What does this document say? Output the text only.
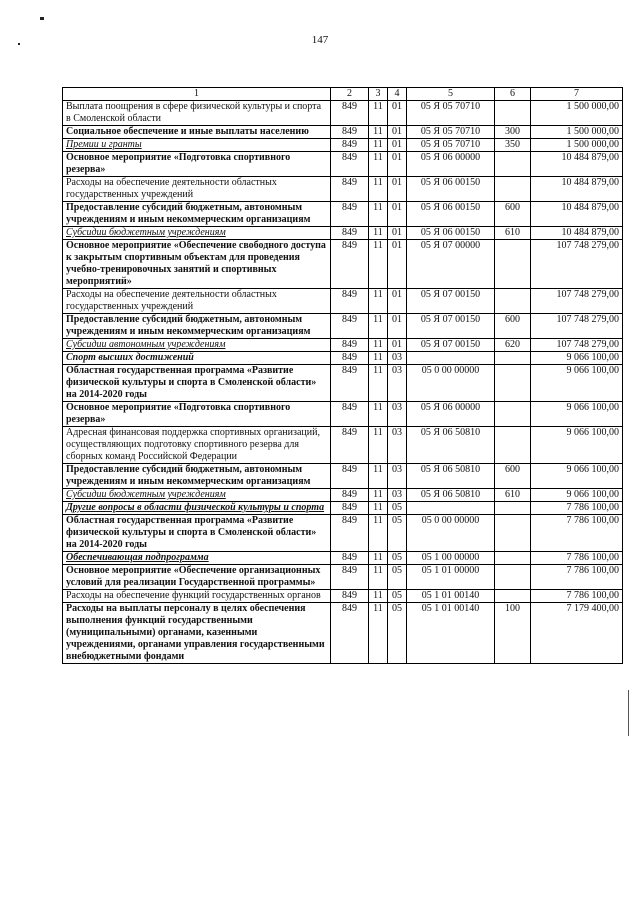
147
1	2	3	4	5	6	7
Выплата поощрения в сфере физической культуры и спорта в Смоленской области	849	11	01	05 Я 05 70710		1 500 000,00
Социальное обеспечение и иные выплаты населению	849	11	01	05 Я 05 70710	300	1 500 000,00
Премии и гранты	849	11	01	05 Я 05 70710	350	1 500 000,00
Основное мероприятие «Подготовка спортивного резерва»	849	11	01	05 Я 06 00000		10 484 879,00
Расходы на обеспечение деятельности областных государственных учреждений	849	11	01	05 Я 06 00150		10 484 879,00
Предоставление субсидий бюджетным, автономным учреждениям и иным некоммерческим организациям	849	11	01	05 Я 06 00150	600	10 484 879,00
Субсидии бюджетным учреждениям	849	11	01	05 Я 06 00150	610	10 484 879,00
Основное мероприятие «Обеспечение свободного доступа к закрытым спортивным объектам для проведения учебно-тренировочных занятий и спортивных мероприятий»	849	11	01	05 Я 07 00000		107 748 279,00
Расходы на обеспечение деятельности областных государственных учреждений	849	11	01	05 Я 07 00150		107 748 279,00
Предоставление субсидий бюджетным, автономным учреждениям и иным некоммерческим организациям	849	11	01	05 Я 07 00150	600	107 748 279,00
Субсидии автономным учреждениям	849	11	01	05 Я 07 00150	620	107 748 279,00
Спорт высших достижений	849	11	03			9 066 100,00
Областная государственная программа «Развитие физической культуры и спорта в Смоленской области» на 2014-2020 годы	849	11	03	05 0 00 00000		9 066 100,00
Основное мероприятие «Подготовка спортивного резерва»	849	11	03	05 Я 06 00000		9 066 100,00
Адресная финансовая поддержка спортивных организаций, осуществляющих подготовку спортивного резерва для сборных команд Российской Федерации	849	11	03	05 Я 06 50810		9 066 100,00
Предоставление субсидий бюджетным, автономным учреждениям и иным некоммерческим организациям	849	11	03	05 Я 06 50810	600	9 066 100,00
Субсидии бюджетным учреждениям	849	11	03	05 Я 06 50810	610	9 066 100,00
Другие вопросы в области физической культуры и спорта	849	11	05			7 786 100,00
Областная государственная программа «Развитие физической культуры и спорта в Смоленской области» на 2014-2020 годы	849	11	05	05 0 00 00000		7 786 100,00
Обеспечивающая подпрограмма	849	11	05	05 1 00 00000		7 786 100,00
Основное мероприятие «Обеспечение организационных условий для реализации Государственной программы»	849	11	05	05 1 01 00000		7 786 100,00
Расходы на обеспечение функций государственных органов	849	11	05	05 1 01 00140		7 786 100,00
Расходы на выплаты персоналу в целях обеспечения выполнения функций государственными (муниципальными) органами, казенными учреждениями, органами управления государственными внебюджетными фондами	849	11	05	05 1 01 00140	100	7 179 400,00
